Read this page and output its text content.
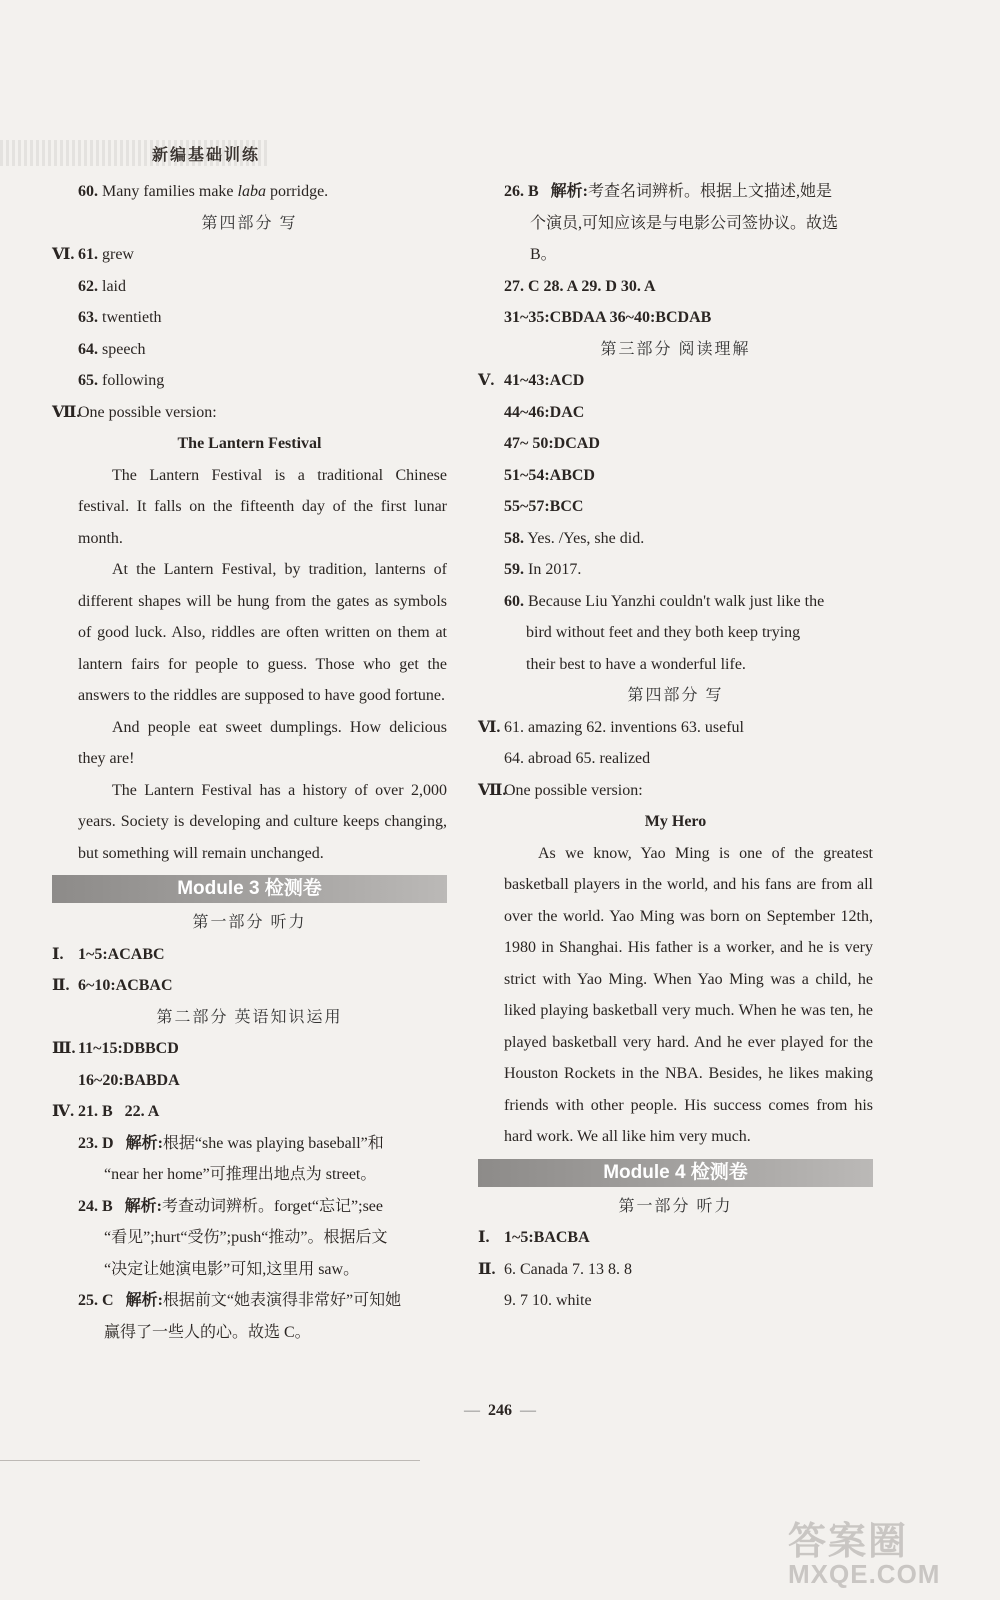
新编基础训练
60. Many families make laba porridge.
第四部分 写
Ⅵ. 61. grew
62. laid
63. twentieth
64. speech
65. following
Ⅶ.One possible version:
The Lantern Festival
The Lantern Festival is a traditional Chinese festival. It falls on the fifteenth day of the first lunar month.
At the Lantern Festival, by tradition, lanterns of different shapes will be hung from the gates as symbols of good luck. Also, riddles are often written on them at lantern fairs for people to guess. Those who get the answers to the riddles are supposed to have good fortune.
And people eat sweet dumplings. How delicious they are!
The Lantern Festival has a history of over 2,000 years. Society is developing and culture keeps changing, but something will remain unchanged.
Module 3 检测卷
第一部分 听力
Ⅰ. 1~5:ACABC
Ⅱ. 6~10:ACBAC
第二部分 英语知识运用
Ⅲ. 11~15:DBBCD
16~20:BABDA
Ⅳ. 21. B 22. A
23. D 解析:根据“she was playing baseball”和
“near her home”可推理出地点为 street。
24. B 解析:考查动词辨析。forget“忘记”;see
“看见”;hurt“受伤”;push“推动”。根据后文
“决定让她演电影”可知,这里用 saw。
25. C 解析:根据前文“她表演得非常好”可知她
赢得了一些人的心。故选 C。
26. B 解析:考查名词辨析。根据上文描述,她是
个演员,可知应该是与电影公司签协议。故选
B。
27. C 28. A 29. D 30. A
31~35:CBDAA 36~40:BCDAB
第三部分 阅读理解
Ⅴ. 41~43:ACD
44~46:DAC
47~ 50:DCAD
51~54:ABCD
55~57:BCC
58. Yes. /Yes, she did.
59. In 2017.
60. Because Liu Yanzhi couldn't walk just like the
bird without feet and they both keep trying
their best to have a wonderful life.
第四部分 写
Ⅵ. 61. amazing 62. inventions 63. useful
64. abroad 65. realized
Ⅶ.One possible version:
My Hero
As we know, Yao Ming is one of the greatest basketball players in the world, and his fans are from all over the world. Yao Ming was born on September 12th, 1980 in Shanghai. His father is a worker, and he is very strict with Yao Ming. When Yao Ming was a child, he liked playing basketball very much. When he was ten, he played basketball very hard. And he ever played for the Houston Rockets in the NBA. Besides, he likes making friends with other people. His success comes from his hard work. We all like him very much.
Module 4 检测卷
第一部分 听力
Ⅰ. 1~5:BACBA
Ⅱ. 6. Canada 7. 13 8. 8
9. 7 10. white
— 246 —
答案圈
MXQE.COM
